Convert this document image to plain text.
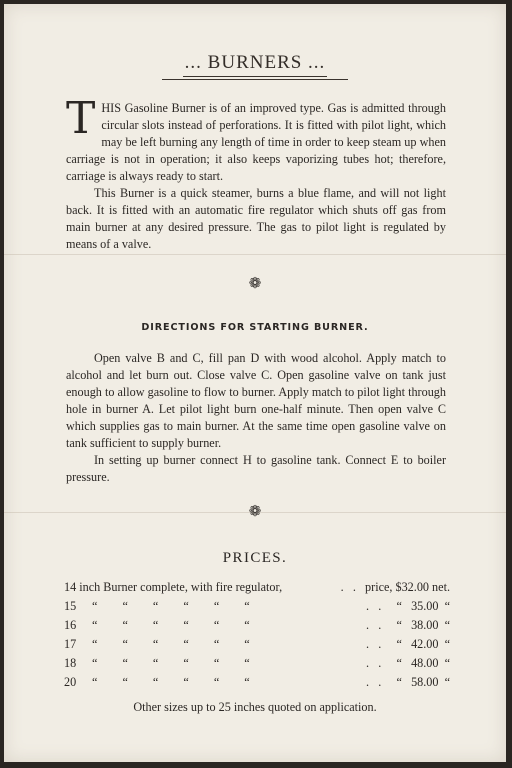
... BURNERS ...
T HIS Gasoline Burner is of an improved type. Gas is admitted through circular slots instead of perforations. It is fitted with pilot light, which may be left burning any length of time in order to keep steam up when carriage is not in operation; it also keeps vaporizing tubes hot; therefore, carriage is always ready to start.

This Burner is a quick steamer, burns a blue flame, and will not light back. It is fitted with an automatic fire regulator which shuts off gas from main burner at any desired pressure. The gas to pilot light is regulated by means of a valve.

❁
DIRECTIONS FOR STARTING BURNER.

Open valve B and C, fill pan D with wood alcohol. Apply match to alcohol and let burn out. Close valve C. Open gasoline valve on tank just enough to allow gasoline to flow to burner. Apply match to pilot light through hole in burner A. Let pilot light burn one-half minute. Then open valve C which supplies gas to main burner. At the same time open gasoline valve on tank sufficient to supply burner.

In setting up burner connect H to gasoline tank. Connect E to boiler pressure.

❁
PRICES.
14 inch Burner complete, with fire regulator,	.   .   price, $32.00 net.
15 “ “ “ “ “ “	.   .     “   35.00  “
16 “ “ “ “ “ “	.   .     “   38.00  “
17 “ “ “ “ “ “	.   .     “   42.00  “
18 “ “ “ “ “ “	.   .     “   48.00  “
20 “ “ “ “ “ “	.   .     “   58.00  “
Other sizes up to 25 inches quoted on application.
